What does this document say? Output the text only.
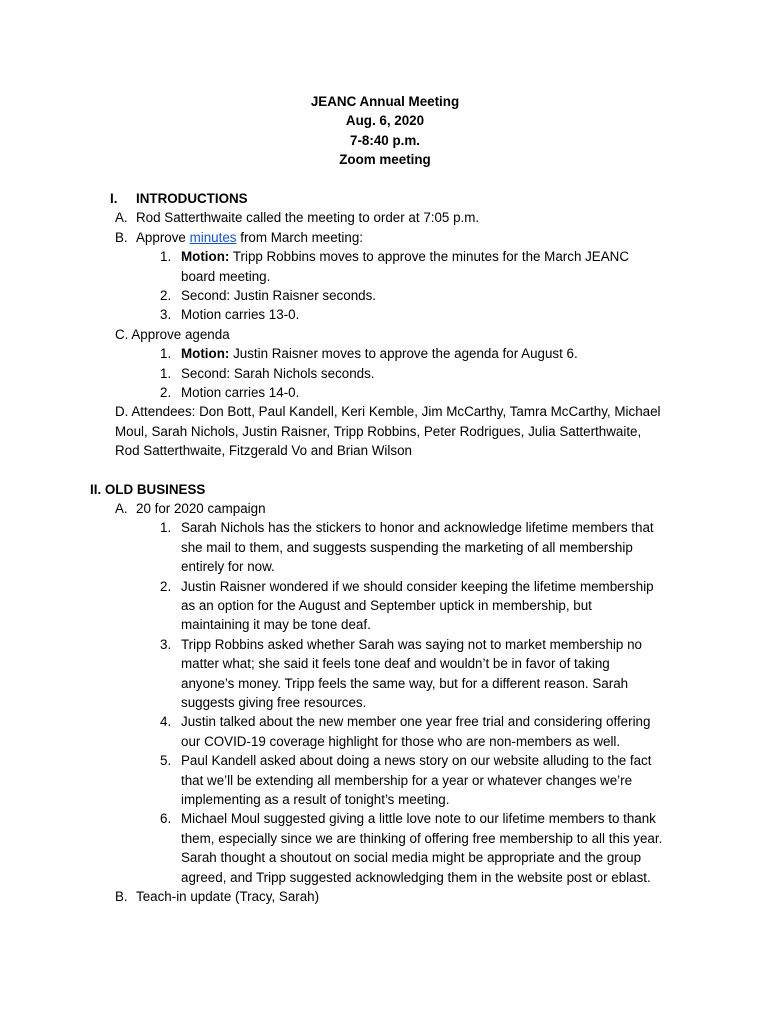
JEANC Annual Meeting
Aug. 6, 2020
7-8:40 p.m.
Zoom meeting
I. INTRODUCTIONS
A. Rod Satterthwaite called the meeting to order at 7:05 p.m.
B. Approve minutes from March meeting:
1. Motion: Tripp Robbins moves to approve the minutes for the March JEANC
board meeting.
2. Second: Justin Raisner seconds.
3. Motion carries 13-0.
C. Approve agenda
1. Motion: Justin Raisner moves to approve the agenda for August 6.
1. Second: Sarah Nichols seconds.
2. Motion carries 14-0.
D. Attendees: Don Bott, Paul Kandell, Keri Kemble, Jim McCarthy, Tamra McCarthy, Michael
Moul, Sarah Nichols, Justin Raisner, Tripp Robbins, Peter Rodrigues, Julia Satterthwaite,
Rod Satterthwaite, Fitzgerald Vo and Brian Wilson
II. OLD BUSINESS
A. 20 for 2020 campaign
1. Sarah Nichols has the stickers to honor and acknowledge lifetime members that
she mail to them, and suggests suspending the marketing of all membership
entirely for now.
2. Justin Raisner wondered if we should consider keeping the lifetime membership
as an option for the August and September uptick in membership, but
maintaining it may be tone deaf.
3. Tripp Robbins asked whether Sarah was saying not to market membership no
matter what; she said it feels tone deaf and wouldn’t be in favor of taking
anyone’s money. Tripp feels the same way, but for a different reason. Sarah
suggests giving free resources.
4. Justin talked about the new member one year free trial and considering offering
our COVID-19 coverage highlight for those who are non-members as well.
5. Paul Kandell asked about doing a news story on our website alluding to the fact
that we’ll be extending all membership for a year or whatever changes we’re
implementing as a result of tonight’s meeting.
6. Michael Moul suggested giving a little love note to our lifetime members to thank
them, especially since we are thinking of offering free membership to all this year.
Sarah thought a shoutout on social media might be appropriate and the group
agreed, and Tripp suggested acknowledging them in the website post or eblast.
B. Teach-in update (Tracy, Sarah)
